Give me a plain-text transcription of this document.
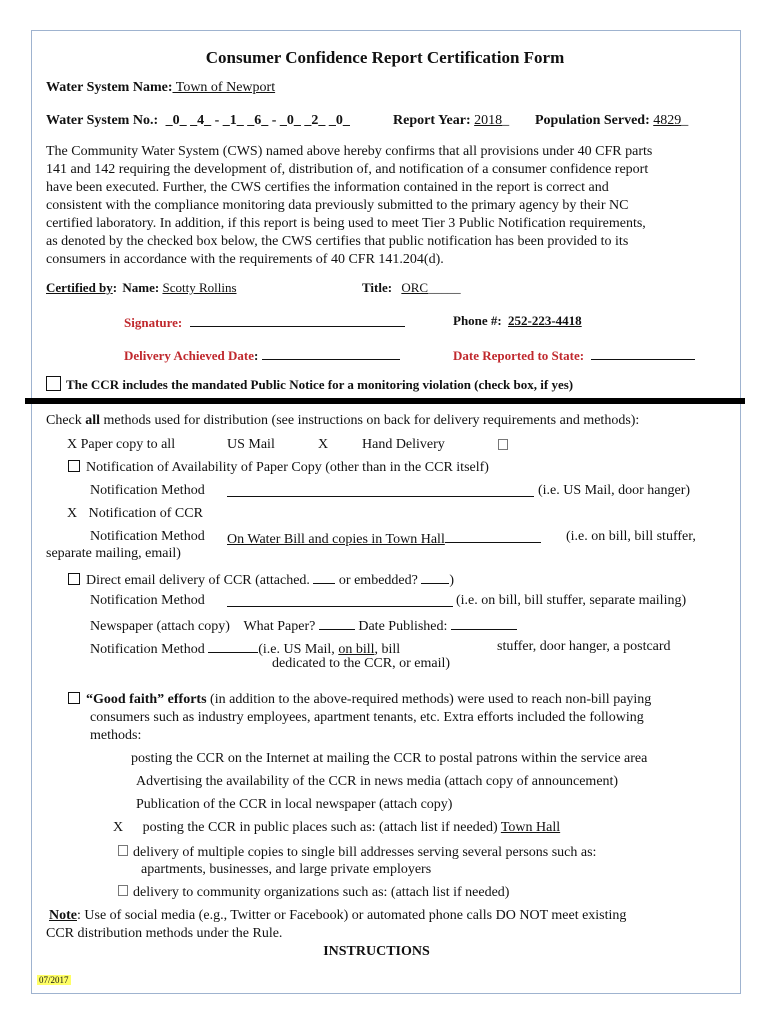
Consumer Confidence Report Certification Form
Water System Name: Town of Newport
Water System No.: _0_ _4_ - _1_ _6_ - _0_ _2_ _0_	Report Year: 2018_ Population Served: 4829_
The Community Water System (CWS) named above hereby confirms that all provisions under 40 CFR parts
141 and 142 requiring the development of, distribution of, and notification of a consumer confidence report
have been executed. Further, the CWS certifies the information contained in the report is correct and
consistent with the compliance monitoring data previously submitted to the primary agency by their NC
certified laboratory. In addition, if this report is being used to meet Tier 3 Public Notification requirements,
as denoted by the checked box below, the CWS certifies that public notification has been provided to its
consumers in accordance with the requirements of 40 CFR 141.204(d).
Certified by: Name: Scotty Rollins	Title: ORC_____
Signature:	Phone #: 252-223-4418
Delivery Achieved Date:	Date Reported to State:
The CCR includes the mandated Public Notice for a monitoring violation (check box, if yes)
Check all methods used for distribution (see instructions on back for delivery requirements and methods):
X Paper copy to all	US Mail	X Hand Delivery
Notification of Availability of Paper Copy (other than in the CCR itself)
Notification Method	(i.e. US Mail, door hanger)
X Notification of CCR
Notification Method On Water Bill and copies in Town Hall	(i.e. on bill, bill stuffer,
separate mailing, email)
Direct email delivery of CCR (attached. or embedded? )
Notification Method	(i.e. on bill, bill stuffer, separate mailing)
Newspaper (attach copy) What Paper?	Date Published:
Notification Method	(i.e. US Mail, on bill, bill	stuffer, door hanger, a postcard
dedicated to the CCR, or email)
“Good faith” efforts (in addition to the above-required methods) were used to reach non-bill paying
consumers such as industry employees, apartment tenants, etc. Extra efforts included the following
methods:
posting the CCR on the Internet at mailing the CCR to postal patrons within the service area
Advertising the availability of the CCR in news media (attach copy of announcement)
Publication of the CCR in local newspaper (attach copy)
X posting the CCR in public places such as: (attach list if needed) Town Hall
delivery of multiple copies to single bill addresses serving several persons such as:
apartments, businesses, and large private employers
delivery to community organizations such as: (attach list if needed)
Note: Use of social media (e.g., Twitter or Facebook) or automated phone calls DO NOT meet existing
CCR distribution methods under the Rule.
INSTRUCTIONS
07/2017
